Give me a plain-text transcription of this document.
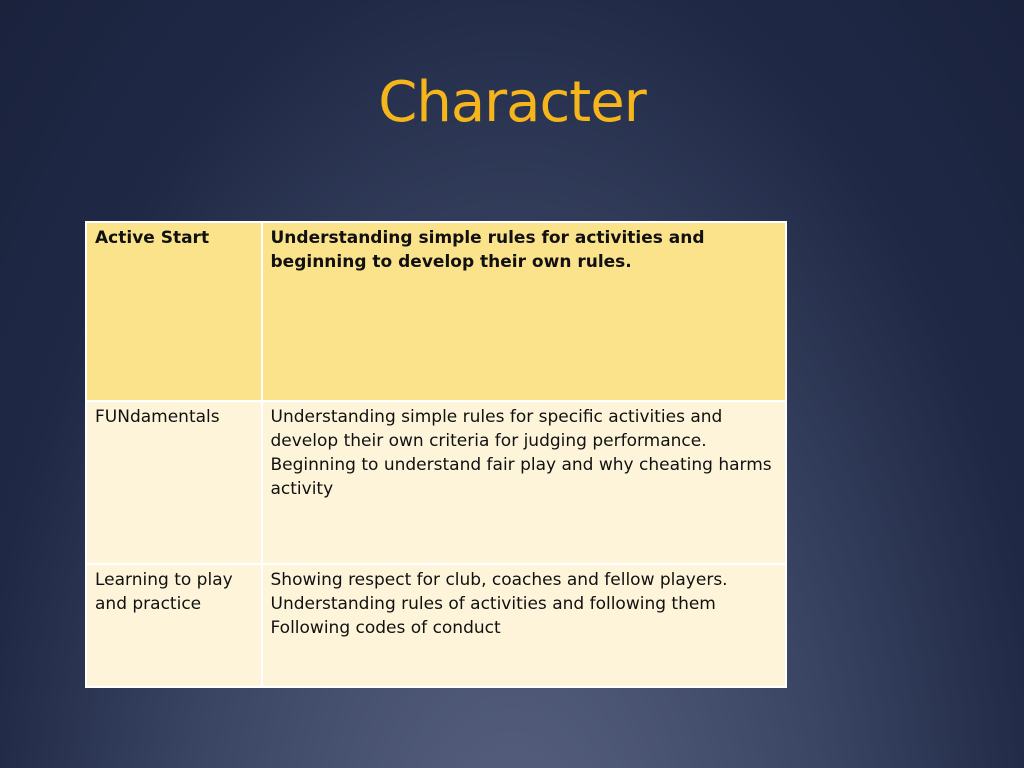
Character
Active Start	Understanding simple rules for activities and beginning to develop their own rules.

FUNdamentals	Understanding simple rules for specific activities and develop their own criteria for judging performance.
Beginning to understand fair play and why cheating harms activity

Learning to play and practice	Showing respect for club, coaches and fellow players.
Understanding rules of activities and following them
Following codes of conduct
